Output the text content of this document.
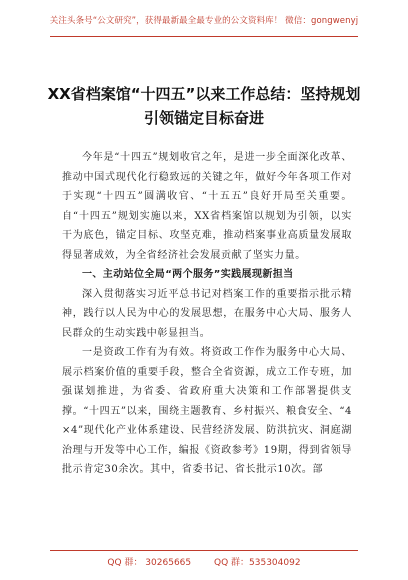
关注头条号“公文研究”，获得最新最全最专业的公文资料库！ 微信：gongwenyj
XX省档案馆“十四五”以来工作总结：坚持规划
引领锚定目标奋进

今年是“十四五”规划收官之年，是进一步全面深化改革、推动中国式现代化行稳致远的关键之年，做好今年各项工作对于实现“十四五”圆满收官、“十五五”良好开局至关重要。自“十四五”规划实施以来，XX省档案馆以规划为引领，以实干为底色，锚定目标、攻坚克难，推动档案事业高质量发展取得显著成效，为全省经济社会发展贡献了坚实力量。

一、主动站位全局“两个服务”实践展现新担当

深入贯彻落实习近平总书记对档案工作的重要指示批示精神，践行以人民为中心的发展思想，在服务中心大局、服务人民群众的生动实践中彰显担当。

一是资政工作有为有效。将资政工作作为服务中心大局、展示档案价值的重要手段，整合全省资源，成立工作专班，加强谋划推进，为省委、省政府重大决策和工作部署提供支撑。“十四五”以来，围绕主题教育、乡村振兴、粮食安全、“4×4”现代化产业体系建设、民营经济发展、防洪抗灾、洞庭湖治理与开发等中心工作，编报《资政参考》19期，得到省领导批示肯定30余次。其中，省委书记、省长批示10次。部

QQ 群： 30265665	QQ 群：535304092
